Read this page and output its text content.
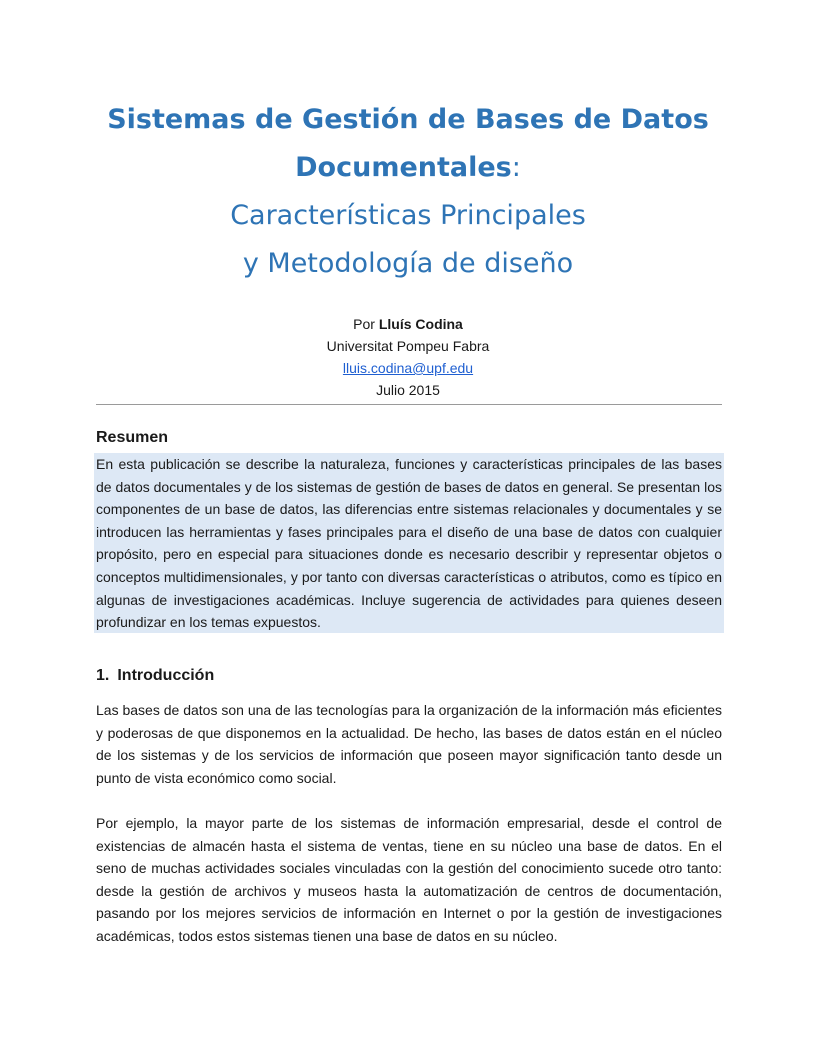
Sistemas de Gestión de Bases de Datos

Documentales:

Características Principales

y Metodología de diseño

Por Lluís Codina
Universitat Pompeu Fabra
lluis.codina@upf.edu
Julio 2015
Resumen

En esta publicación se describe la naturaleza, funciones y características principales de las bases de datos documentales y de los sistemas de gestión de bases de datos en general. Se presentan los componentes de un base de datos, las diferencias entre sistemas relacionales y documentales y se introducen las herramientas y fases principales para el diseño de una base de datos con cualquier propósito, pero en especial para situaciones donde es necesario describir y representar objetos o conceptos multidimensionales, y por tanto con diversas características o atributos, como es típico en algunas de investigaciones académicas. Incluye sugerencia de actividades para quienes deseen profundizar en los temas expuestos.

1. Introducción

Las bases de datos son una de las tecnologías para la organización de la información más eficientes y poderosas de que disponemos en la actualidad. De hecho, las bases de datos están en el núcleo de los sistemas y de los servicios de información que poseen mayor significación tanto desde un punto de vista económico como social.

Por ejemplo, la mayor parte de los sistemas de información empresarial, desde el control de existencias de almacén hasta el sistema de ventas, tiene en su núcleo una base de datos. En el seno de muchas actividades sociales vinculadas con la gestión del conocimiento sucede otro tanto: desde la gestión de archivos y museos hasta la automatización de centros de documentación, pasando por los mejores servicios de información en Internet o por la gestión de investigaciones académicas, todos estos sistemas tienen una base de datos en su núcleo.
